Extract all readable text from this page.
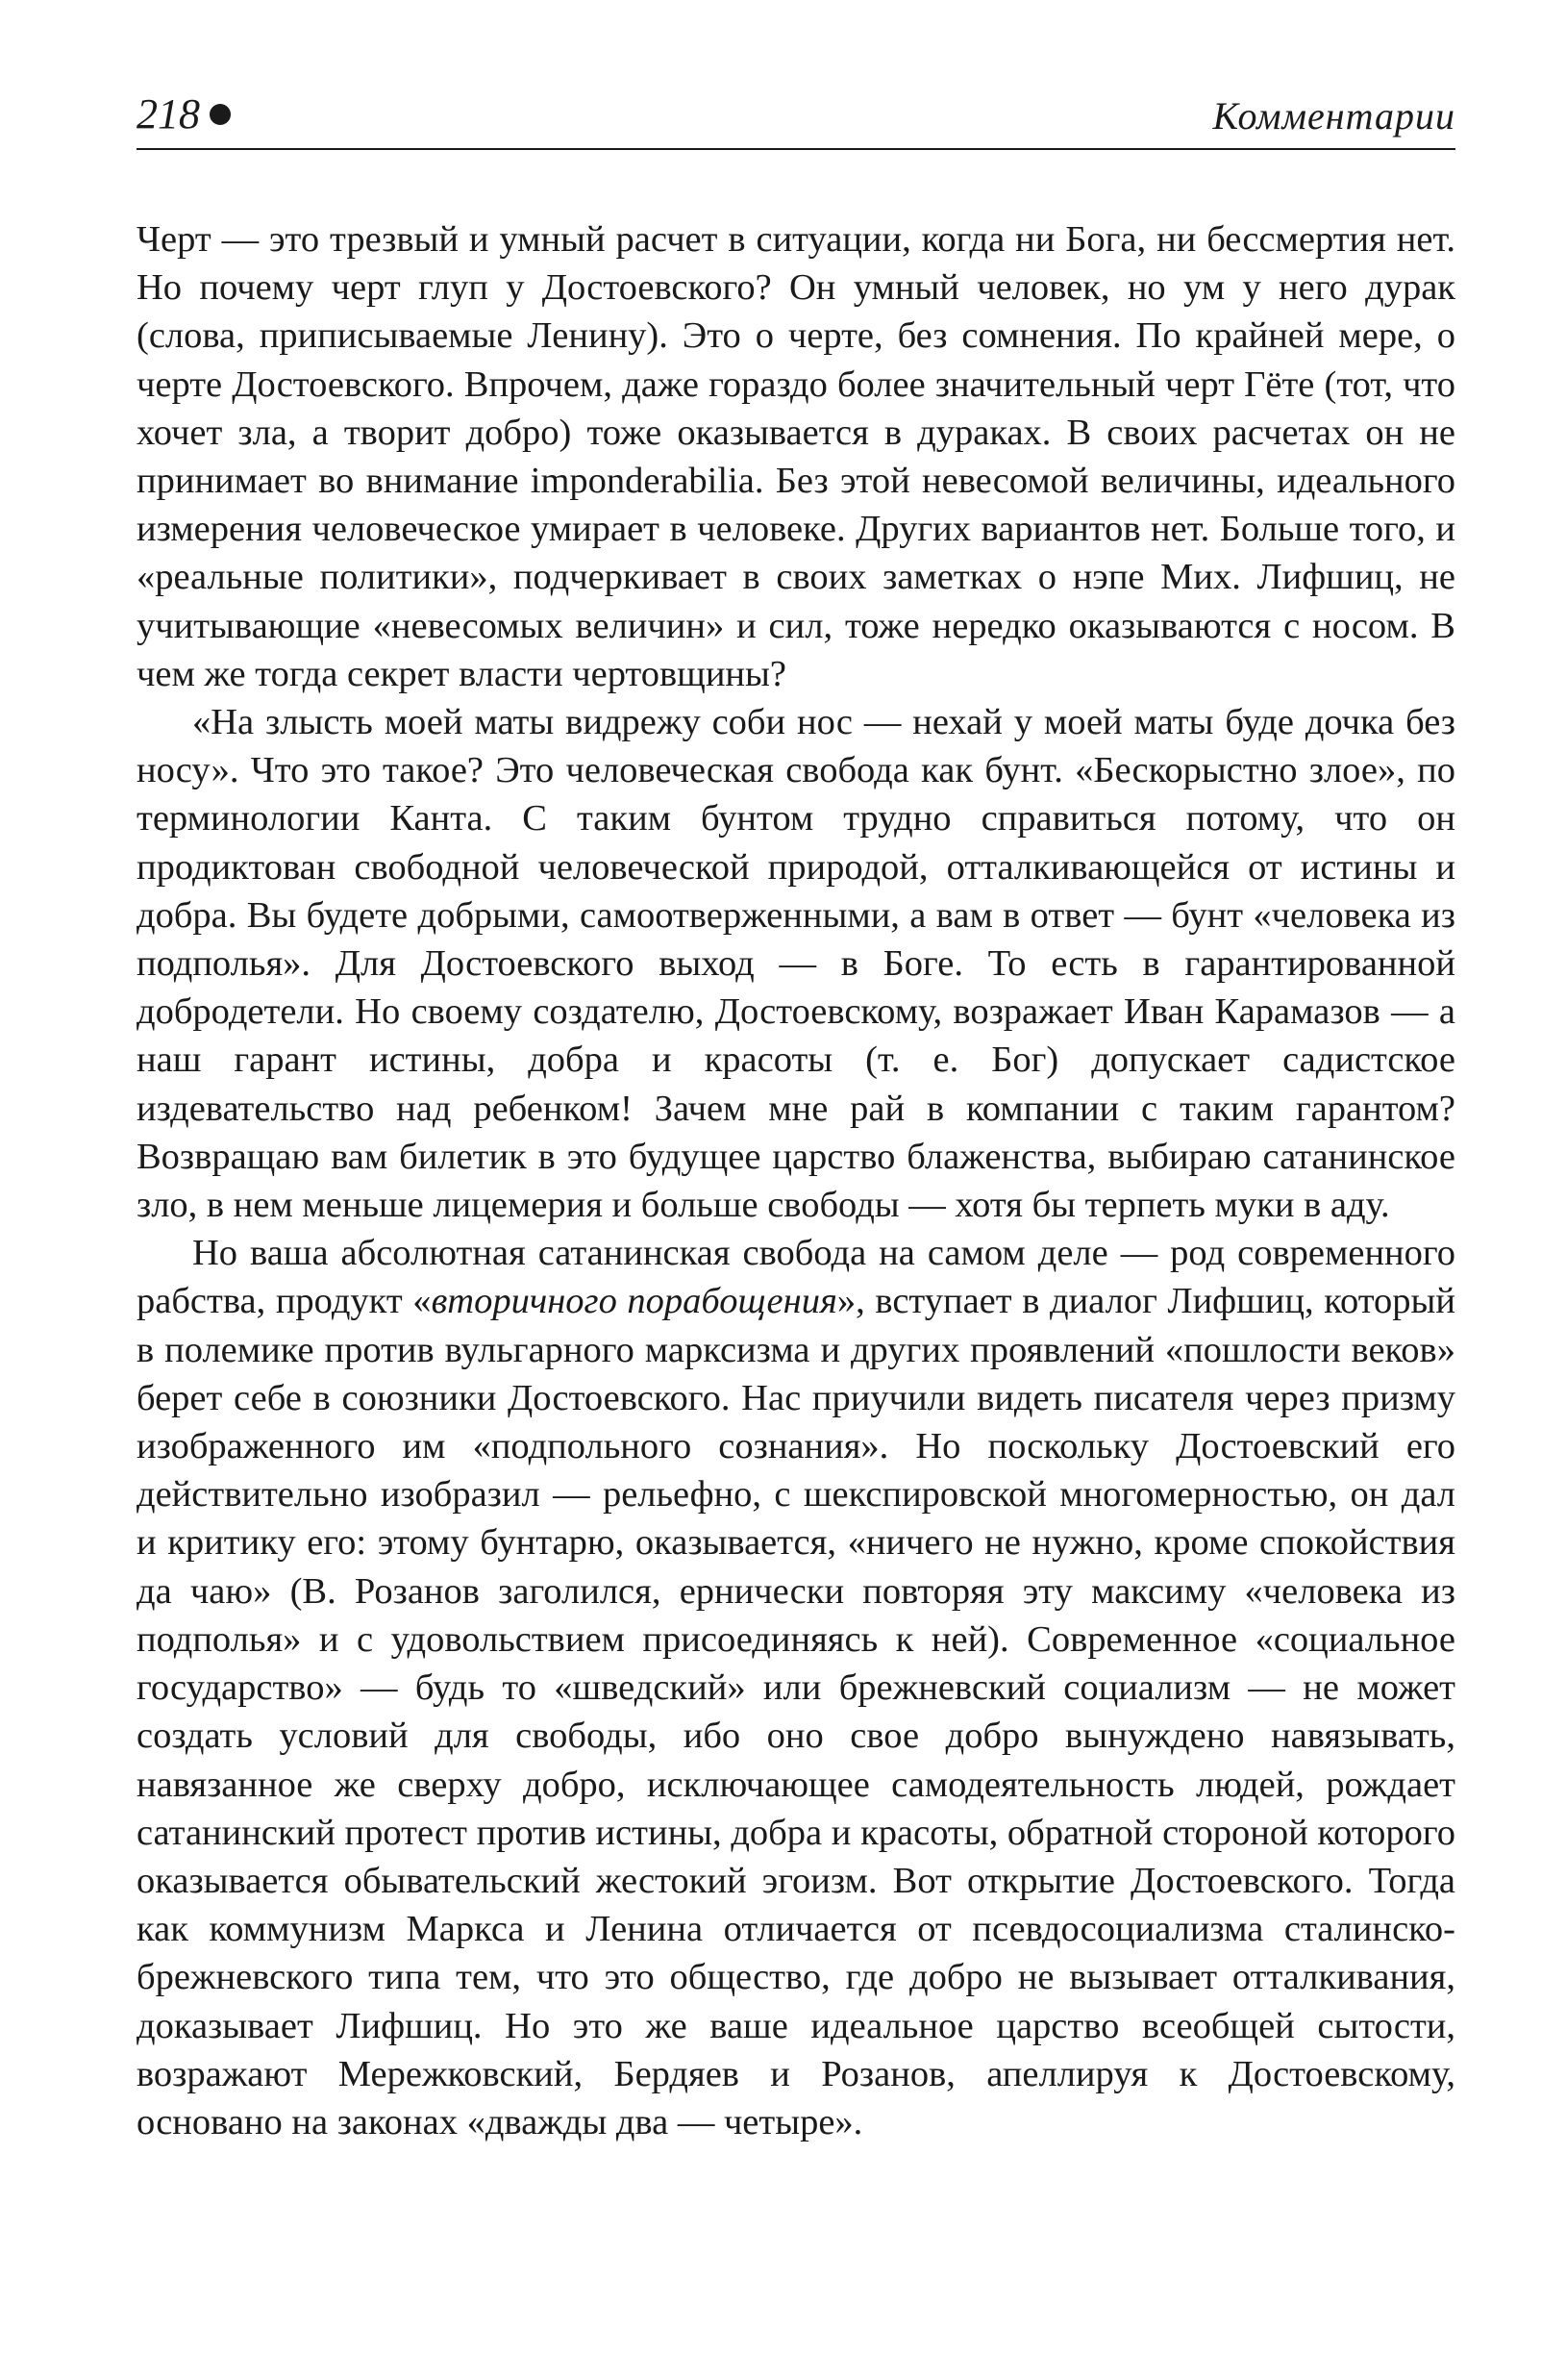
218	Комментарии

Черт — это трезвый и умный расчет в ситуации, когда ни Бога, ни бессмертия нет. Но почему черт глуп у Достоевского? Он умный человек, но ум у него дурак (слова, приписываемые Ленину). Это о черте, без сомнения. По крайней мере, о черте Достоевского. Впрочем, даже гораздо более значительный черт Гёте (тот, что хочет зла, а творит добро) тоже оказывается в дураках. В своих расчетах он не принимает во внимание imponderabilia. Без этой невесомой величины, идеального измерения человеческое умирает в человеке. Других вариантов нет. Больше того, и «реальные политики», подчеркивает в своих заметках о нэпе Мих. Лифшиц, не учитывающие «невесомых величин» и сил, тоже нередко оказываются с носом. В чем же тогда секрет власти чертовщины?

«На злысть моей маты видрежу соби нос — нехай у моей маты буде дочка без носу». Что это такое? Это человеческая свобода как бунт. «Бескорыстно злое», по терминологии Канта. С таким бунтом трудно справиться потому, что он продиктован свободной человеческой природой, отталкивающейся от истины и добра. Вы будете добрыми, самоотверженными, а вам в ответ — бунт «человека из подполья». Для Достоевского выход — в Боге. То есть в гарантированной добродетели. Но своему создателю, Достоевскому, возражает Иван Карамазов — а наш гарант истины, добра и красоты (т. е. Бог) допускает садистское издевательство над ребенком! Зачем мне рай в компании с таким гарантом? Возвращаю вам билетик в это будущее царство блаженства, выбираю сатанинское зло, в нем меньше лицемерия и больше свободы — хотя бы терпеть муки в аду.

Но ваша абсолютная сатанинская свобода на самом деле — род современного рабства, продукт «вторичного порабощения», вступает в диалог Лифшиц, который в полемике против вульгарного марксизма и других проявлений «пошлости веков» берет себе в союзники Достоевского. Нас приучили видеть писателя через призму изображенного им «подпольного сознания». Но поскольку Достоевский его действительно изобразил — рельефно, с шекспировской многомерностью, он дал и критику его: этому бунтарю, оказывается, «ничего не нужно, кроме спокойствия да чаю» (В. Розанов заголился, ернически повторяя эту максиму «человека из подполья» и с удовольствием присоединяясь к ней). Современное «социальное государство» — будь то «шведский» или брежневский социализм — не может создать условий для свободы, ибо оно свое добро вынуждено навязывать, навязанное же сверху добро, исключающее самодеятельность людей, рождает сатанинский протест против истины, добра и красоты, обратной стороной которого оказывается обывательский жестокий эгоизм. Вот открытие Достоевского. Тогда как коммунизм Маркса и Ленина отличается от псевдосоциализма сталинско-брежневского типа тем, что это общество, где добро не вызывает отталкивания, доказывает Лифшиц. Но это же ваше идеальное царство всеобщей сытости, возражают Мережковский, Бердяев и Розанов, апеллируя к Достоевскому, основано на законах «дважды два — четыре».
